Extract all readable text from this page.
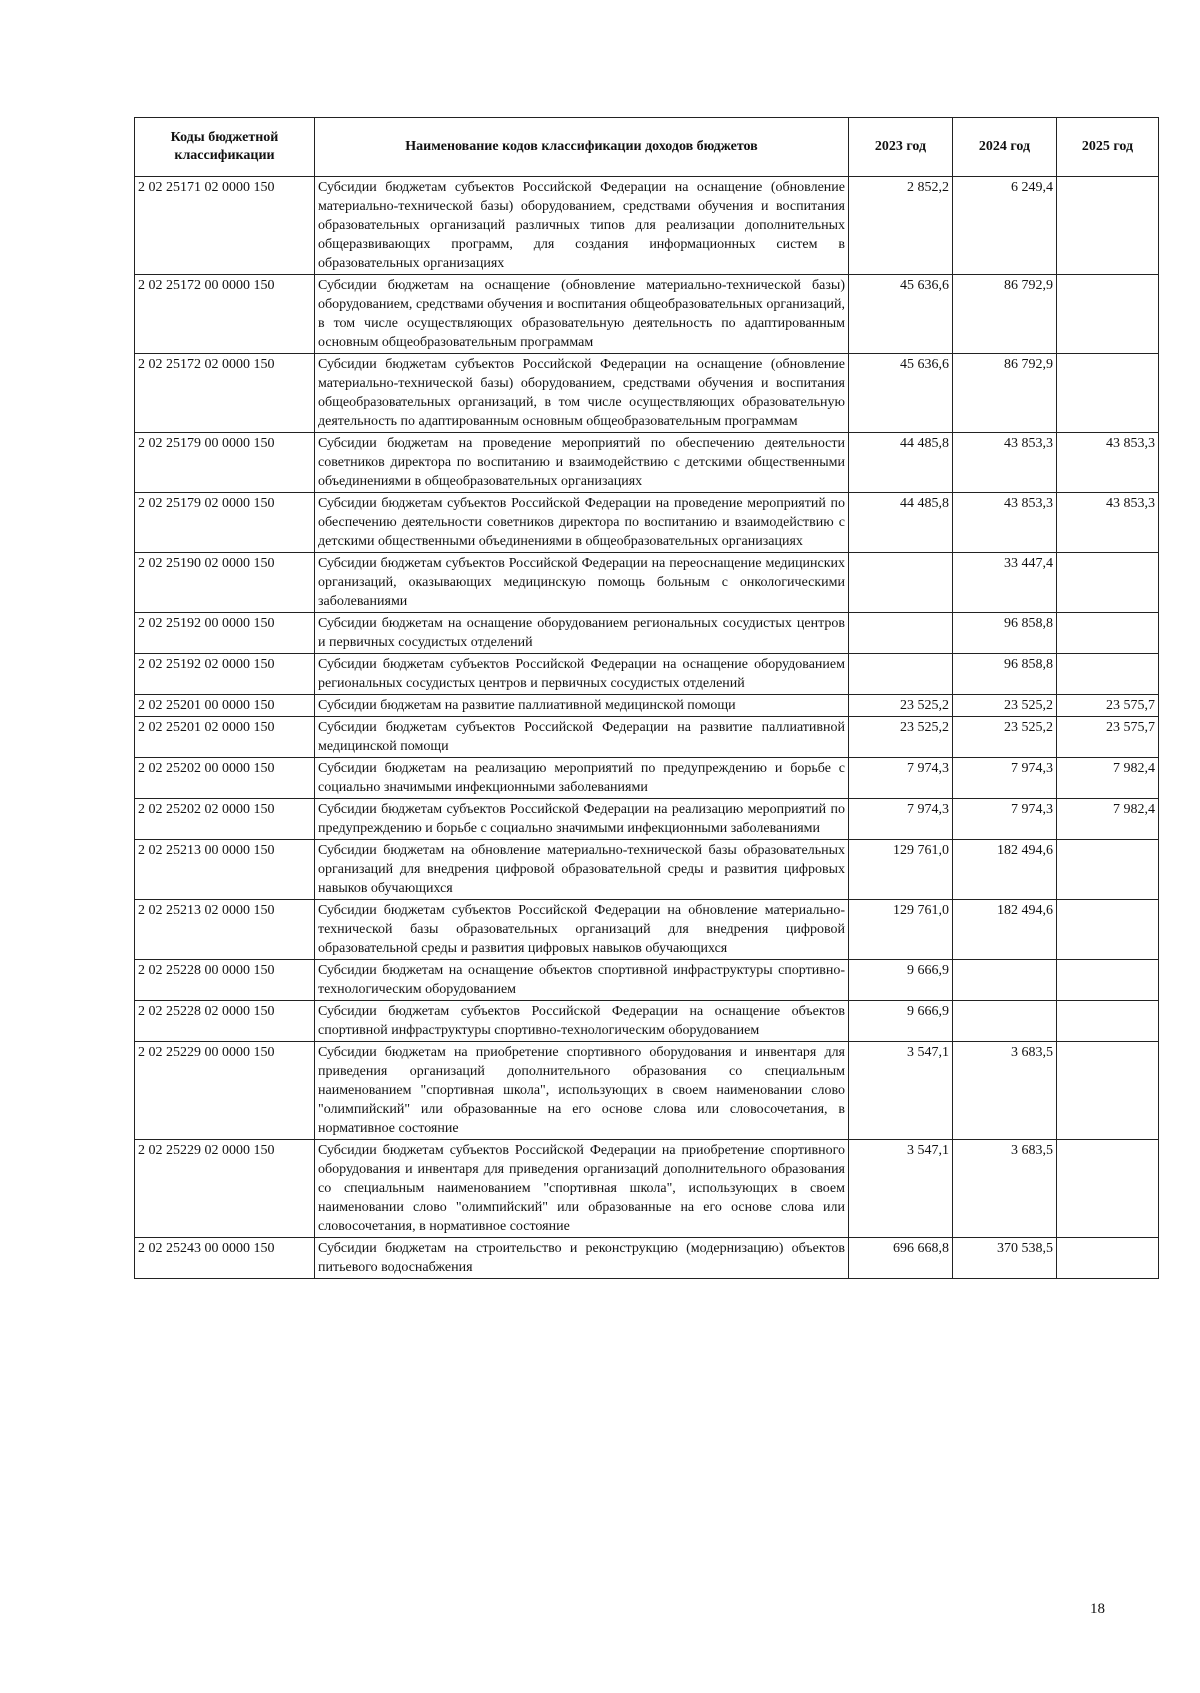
Коды бюджетной классификации	Наименование кодов классификации доходов бюджетов	2023 год	2024 год	2025 год
2 02 25171 02 0000 150	Субсидии бюджетам субъектов Российской Федерации на оснащение (обновление материально-технической базы) оборудованием, средствами обучения и воспитания образовательных организаций различных типов для реализации дополнительных общеразвивающих программ, для создания информационных систем в образовательных организациях	2 852,2	6 249,4	
2 02 25172 00 0000 150	Субсидии бюджетам на оснащение (обновление материально-технической базы) оборудованием, средствами обучения и воспитания общеобразовательных организаций, в том числе осуществляющих образовательную деятельность по адаптированным основным общеобразовательным программам	45 636,6	86 792,9	
2 02 25172 02 0000 150	Субсидии бюджетам субъектов Российской Федерации на оснащение (обновление материально-технической базы) оборудованием, средствами обучения и воспитания общеобразовательных организаций, в том числе осуществляющих образовательную деятельность по адаптированным основным общеобразовательным программам	45 636,6	86 792,9	
2 02 25179 00 0000 150	Субсидии бюджетам на проведение мероприятий по обеспечению деятельности советников директора по воспитанию и взаимодействию с детскими общественными объединениями в общеобразовательных организациях	44 485,8	43 853,3	43 853,3
2 02 25179 02 0000 150	Субсидии бюджетам субъектов Российской Федерации на проведение мероприятий по обеспечению деятельности советников директора по воспитанию и взаимодействию с детскими общественными объединениями в общеобразовательных организациях	44 485,8	43 853,3	43 853,3
2 02 25190 02 0000 150	Субсидии бюджетам субъектов Российской Федерации на переоснащение медицинских организаций, оказывающих медицинскую помощь больным с онкологическими заболеваниями		33 447,4	
2 02 25192 00 0000 150	Субсидии бюджетам на оснащение оборудованием региональных сосудистых центров и первичных сосудистых отделений		96 858,8	
2 02 25192 02 0000 150	Субсидии бюджетам субъектов Российской Федерации на оснащение оборудованием региональных сосудистых центров и первичных сосудистых отделений		96 858,8	
2 02 25201 00 0000 150	Субсидии бюджетам на развитие паллиативной медицинской помощи	23 525,2	23 525,2	23 575,7
2 02 25201 02 0000 150	Субсидии бюджетам субъектов Российской Федерации на развитие паллиативной медицинской помощи	23 525,2	23 525,2	23 575,7
2 02 25202 00 0000 150	Субсидии бюджетам на реализацию мероприятий по предупреждению и борьбе с социально значимыми инфекционными заболеваниями	7 974,3	7 974,3	7 982,4
2 02 25202 02 0000 150	Субсидии бюджетам субъектов Российской Федерации на реализацию мероприятий по предупреждению и борьбе с социально значимыми инфекционными заболеваниями	7 974,3	7 974,3	7 982,4
2 02 25213 00 0000 150	Субсидии бюджетам на обновление материально-технической базы образовательных организаций для внедрения цифровой образовательной среды и развития цифровых навыков обучающихся	129 761,0	182 494,6	
2 02 25213 02 0000 150	Субсидии бюджетам субъектов Российской Федерации на обновление материально-технической базы образовательных организаций для внедрения цифровой образовательной среды и развития цифровых навыков обучающихся	129 761,0	182 494,6	
2 02 25228 00 0000 150	Субсидии бюджетам на оснащение объектов спортивной инфраструктуры спортивно-технологическим оборудованием	9 666,9		
2 02 25228 02 0000 150	Субсидии бюджетам субъектов Российской Федерации на оснащение объектов спортивной инфраструктуры спортивно-технологическим оборудованием	9 666,9		
2 02 25229 00 0000 150	Субсидии бюджетам на приобретение спортивного оборудования и инвентаря для приведения организаций дополнительного образования со специальным наименованием "спортивная школа", использующих в своем наименовании слово "олимпийский" или образованные на его основе слова или словосочетания, в нормативное состояние	3 547,1	3 683,5	
2 02 25229 02 0000 150	Субсидии бюджетам субъектов Российской Федерации на приобретение спортивного оборудования и инвентаря для приведения организаций дополнительного образования со специальным наименованием "спортивная школа", использующих в своем наименовании слово "олимпийский" или образованные на его основе слова или словосочетания, в нормативное состояние	3 547,1	3 683,5	
2 02 25243 00 0000 150	Субсидии бюджетам на строительство и реконструкцию (модернизацию) объектов питьевого водоснабжения	696 668,8	370 538,5	
18
